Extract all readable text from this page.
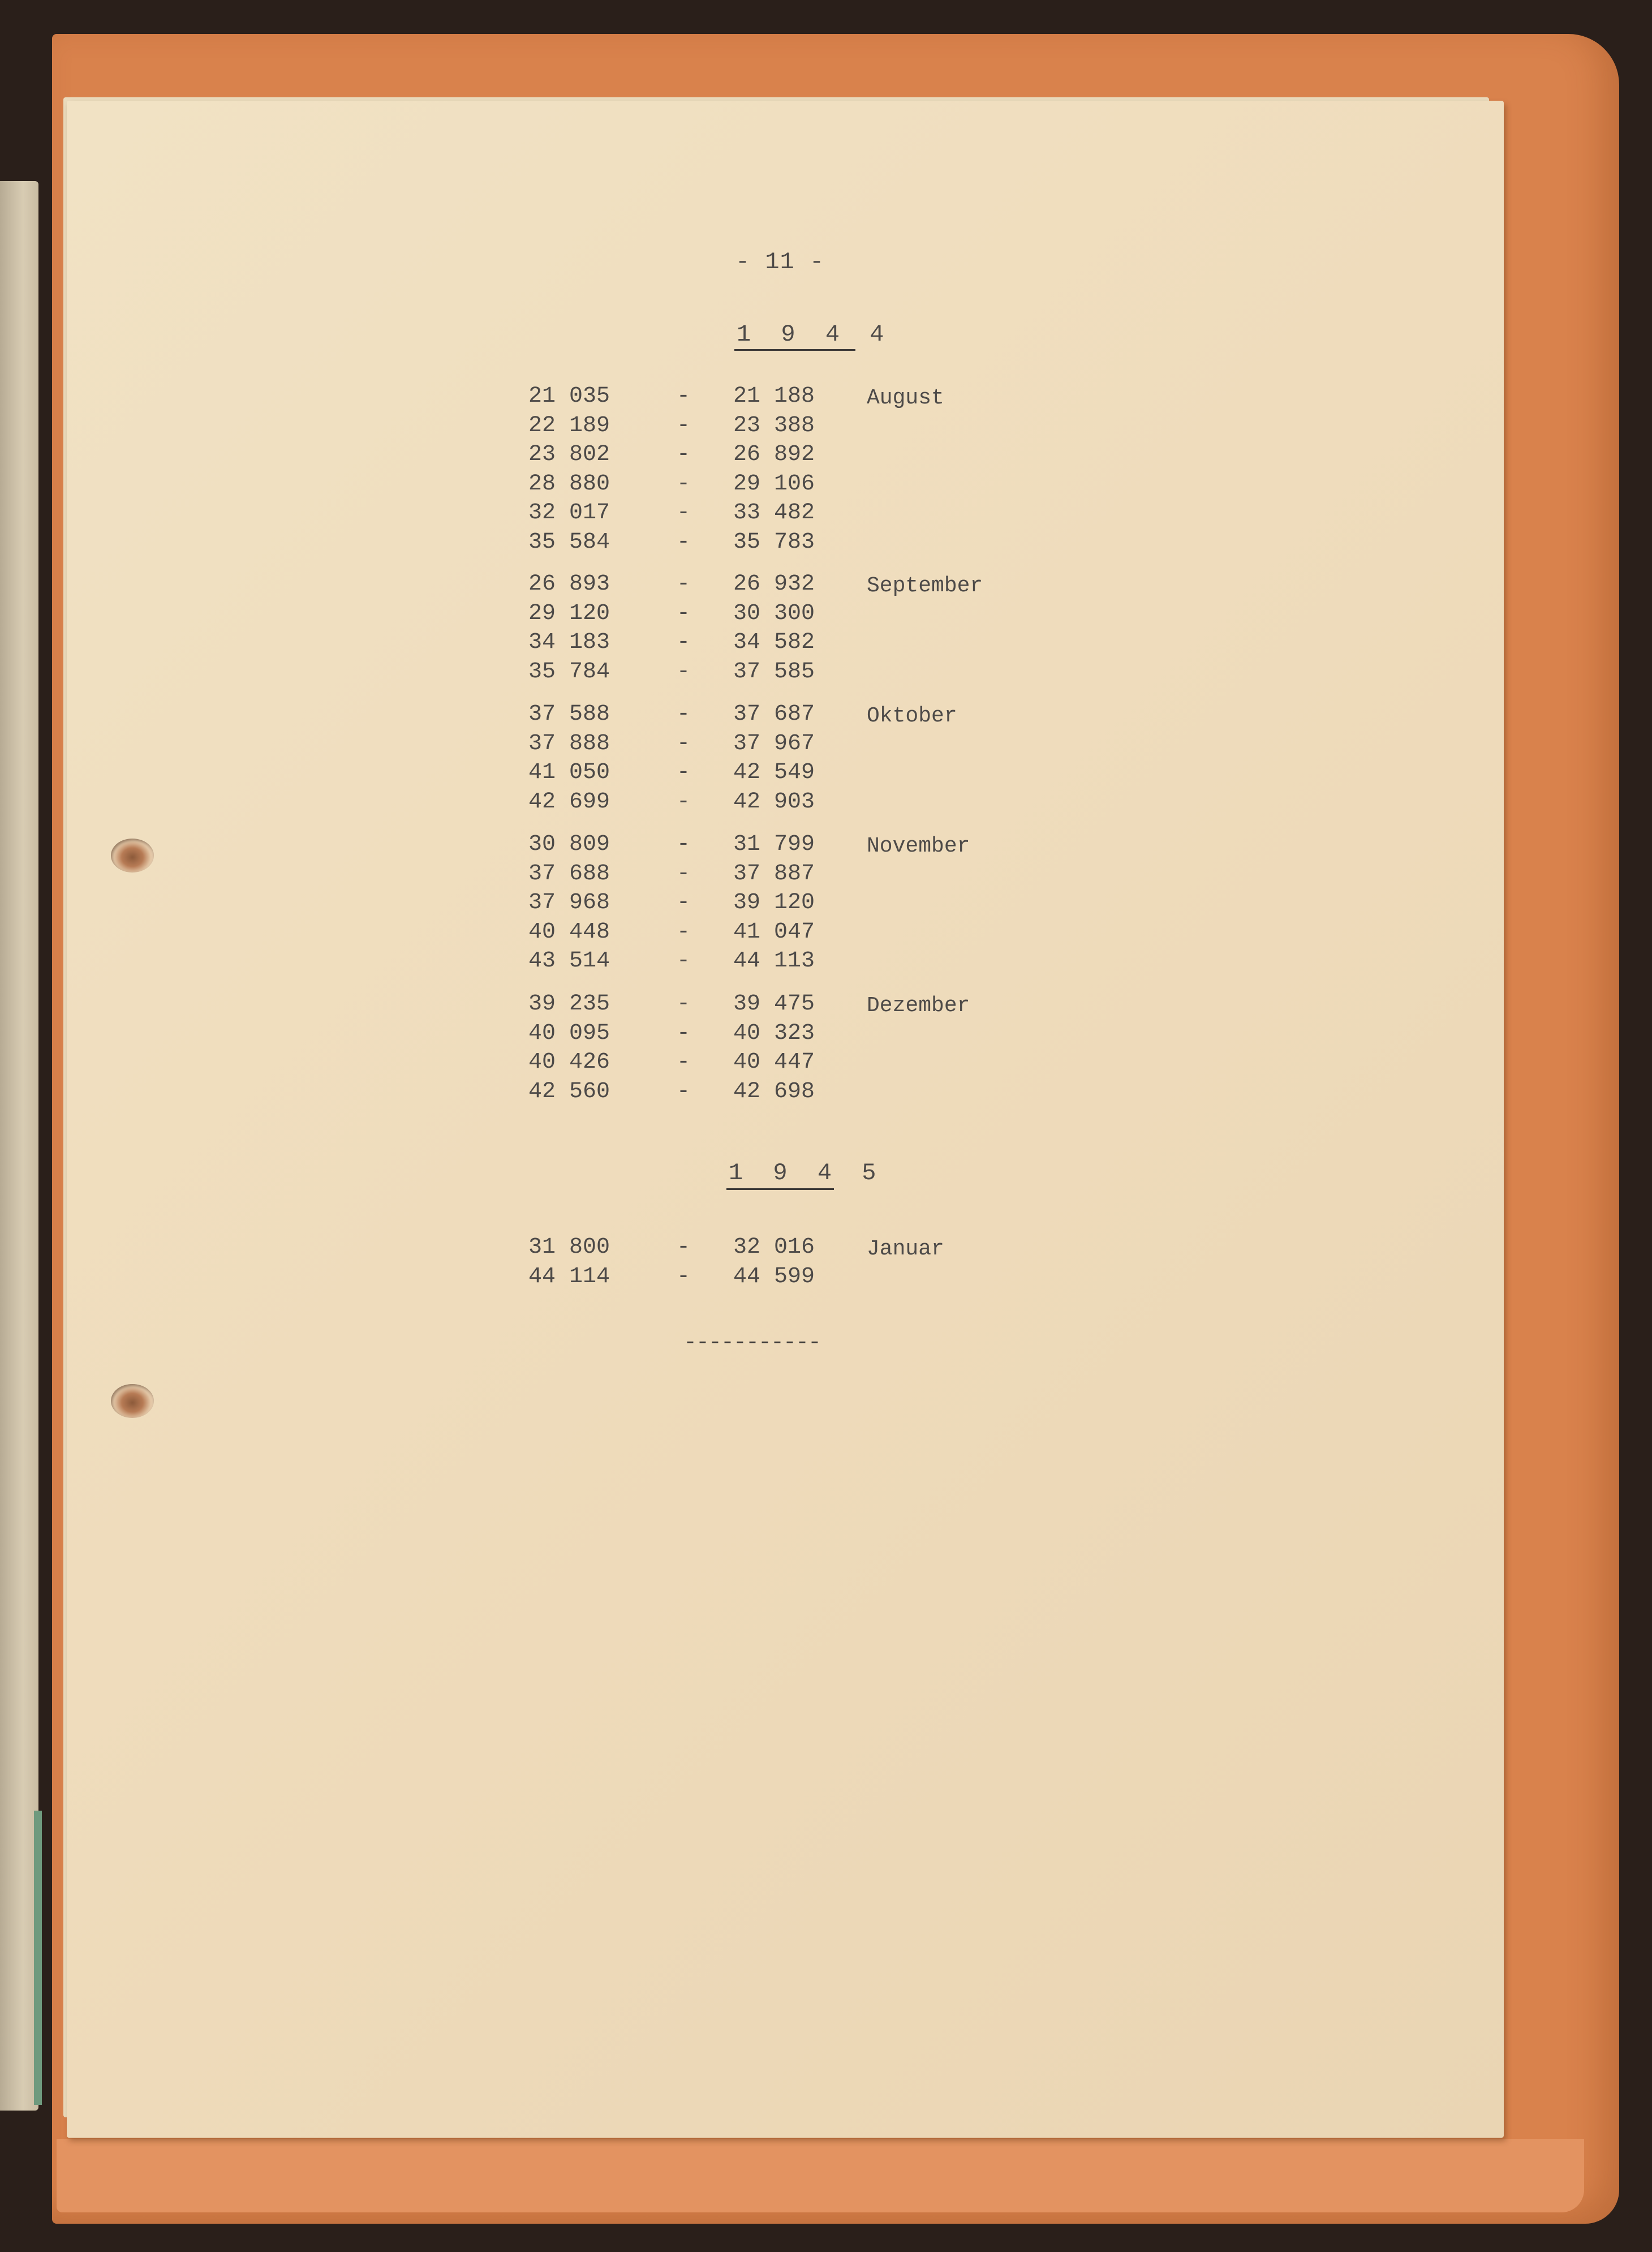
- 11 -
1 9 4 4
1 9 4 5
21 035	- 21 188 August
22 189	- 23 388
23 802	- 26 892
28 880	- 29 106
32 017	- 33 482
35 584	- 35 783
26 893	- 26 932 September
29 120	- 30 300
34 183	- 34 582
35 784	- 37 585
37 588	- 37 687 Oktober
37 888	- 37 967
41 050	- 42 549
42 699	- 42 903
30 809	- 31 799 November
37 688	- 37 887
37 968	- 39 120
40 448	- 41 047
43 514	- 44 113
39 235	- 39 475 Dezember
40 095	- 40 323
40 426	- 40 447
42 560	- 42 698
31 800	- 32 016 Januar
44 114	- 44 599
-----------
